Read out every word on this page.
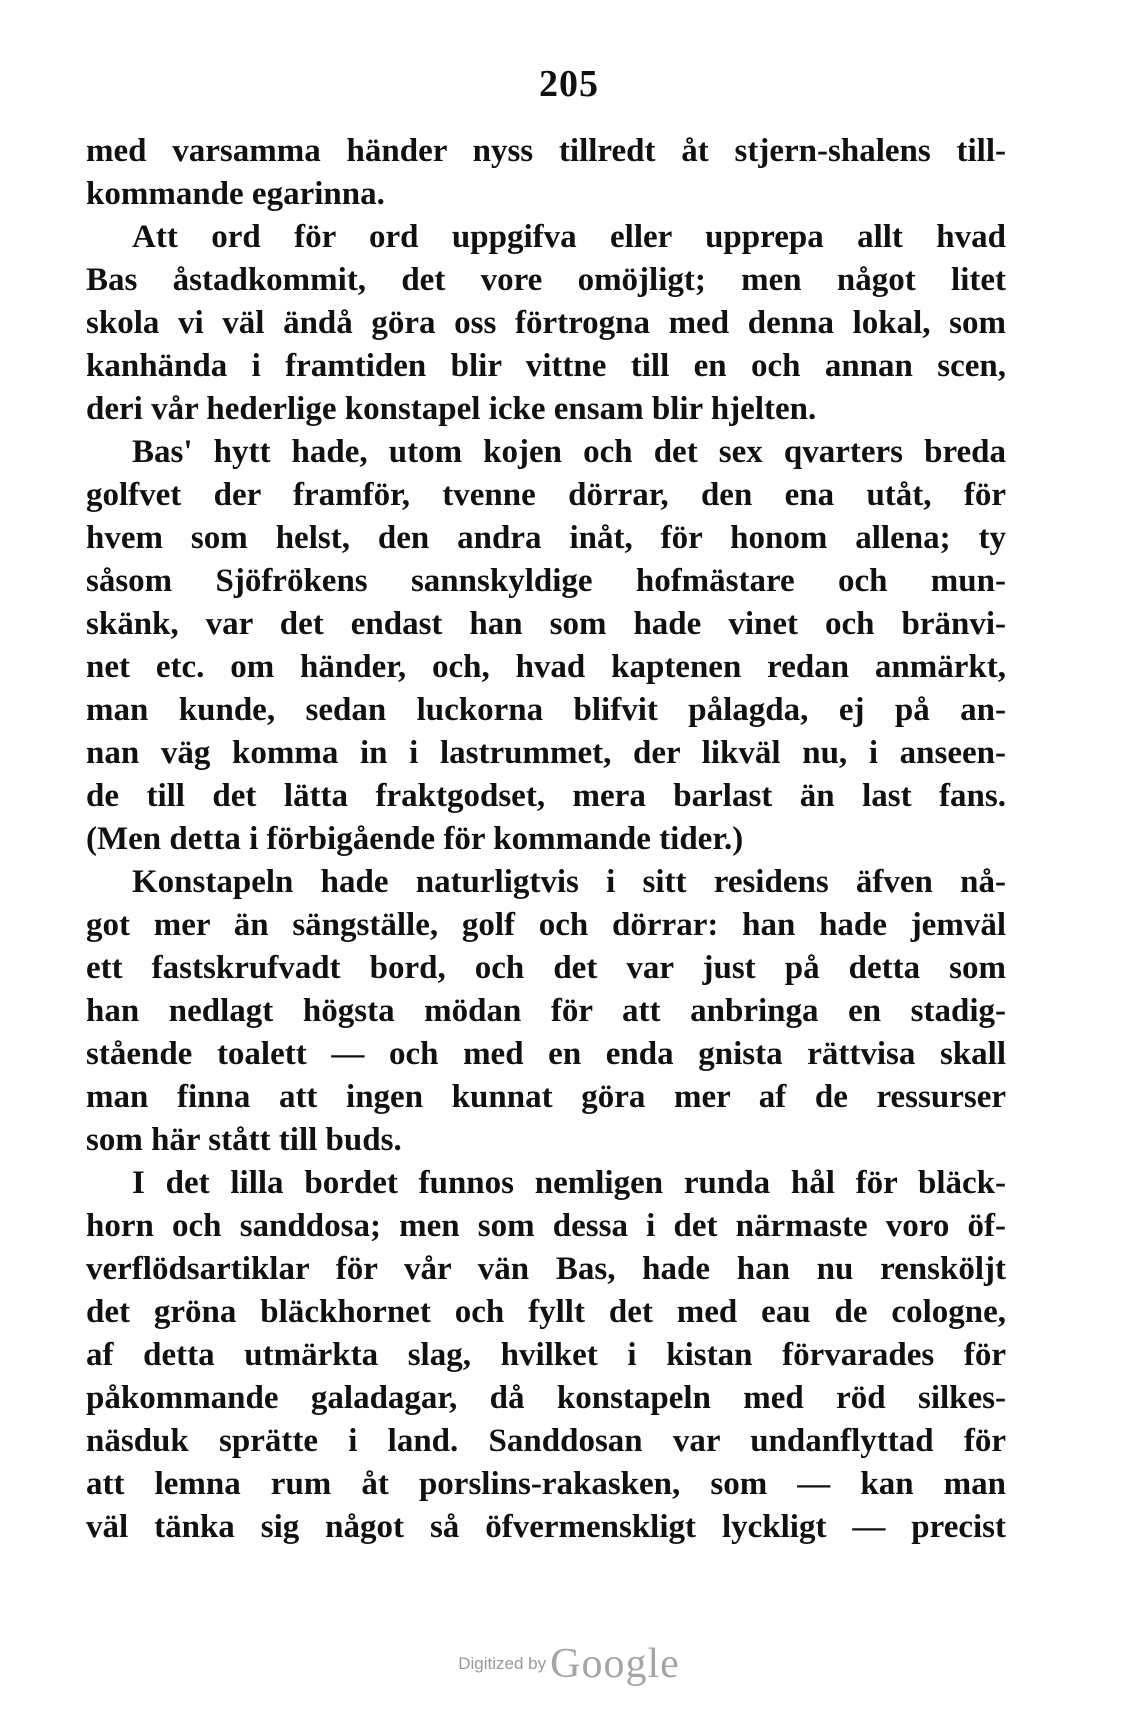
205
med varsamma händer nyss tillredt åt stjern-shalens till-
kommande egarinna.
Att ord för ord uppgifva eller upprepa allt hvad
Bas åstadkommit, det vore omöjligt; men något litet
skola vi väl ändå göra oss förtrogna med denna lokal, som
kanhända i framtiden blir vittne till en och annan scen,
deri vår hederlige konstapel icke ensam blir hjelten.
Bas' hytt hade, utom kojen och det sex qvarters breda
golfvet der framför, tvenne dörrar, den ena utåt, för
hvem som helst, den andra inåt, för honom allena; ty
såsom Sjöfrökens sannskyldige hofmästare och mun-
skänk, var det endast han som hade vinet och bränvi-
net etc. om händer, och, hvad kaptenen redan anmärkt,
man kunde, sedan luckorna blifvit pålagda, ej på an-
nan väg komma in i lastrummet, der likväl nu, i anseen-
de till det lätta fraktgodset, mera barlast än last fans.
(Men detta i förbigående för kommande tider.)
Konstapeln hade naturligtvis i sitt residens äfven nå-
got mer än sängställe, golf och dörrar: han hade jemväl
ett fastskrufvadt bord, och det var just på detta som
han nedlagt högsta mödan för att anbringa en stadig-
stående toalett — och med en enda gnista rättvisa skall
man finna att ingen kunnat göra mer af de ressurser
som här stått till buds.
I det lilla bordet funnos nemligen runda hål för bläck-
horn och sanddosa; men som dessa i det närmaste voro öf-
verflödsartiklar för vår vän Bas, hade han nu rensköljt
det gröna bläckhornet och fyllt det med eau de cologne,
af detta utmärkta slag, hvilket i kistan förvarades för
påkommande galadagar, då konstapeln med röd silkes-
näsduk sprätte i land. Sanddosan var undanflyttad för
att lemna rum åt porslins-rakasken, som — kan man
väl tänka sig något så öfvermenskligt lyckligt — precist
Digitized by Google
